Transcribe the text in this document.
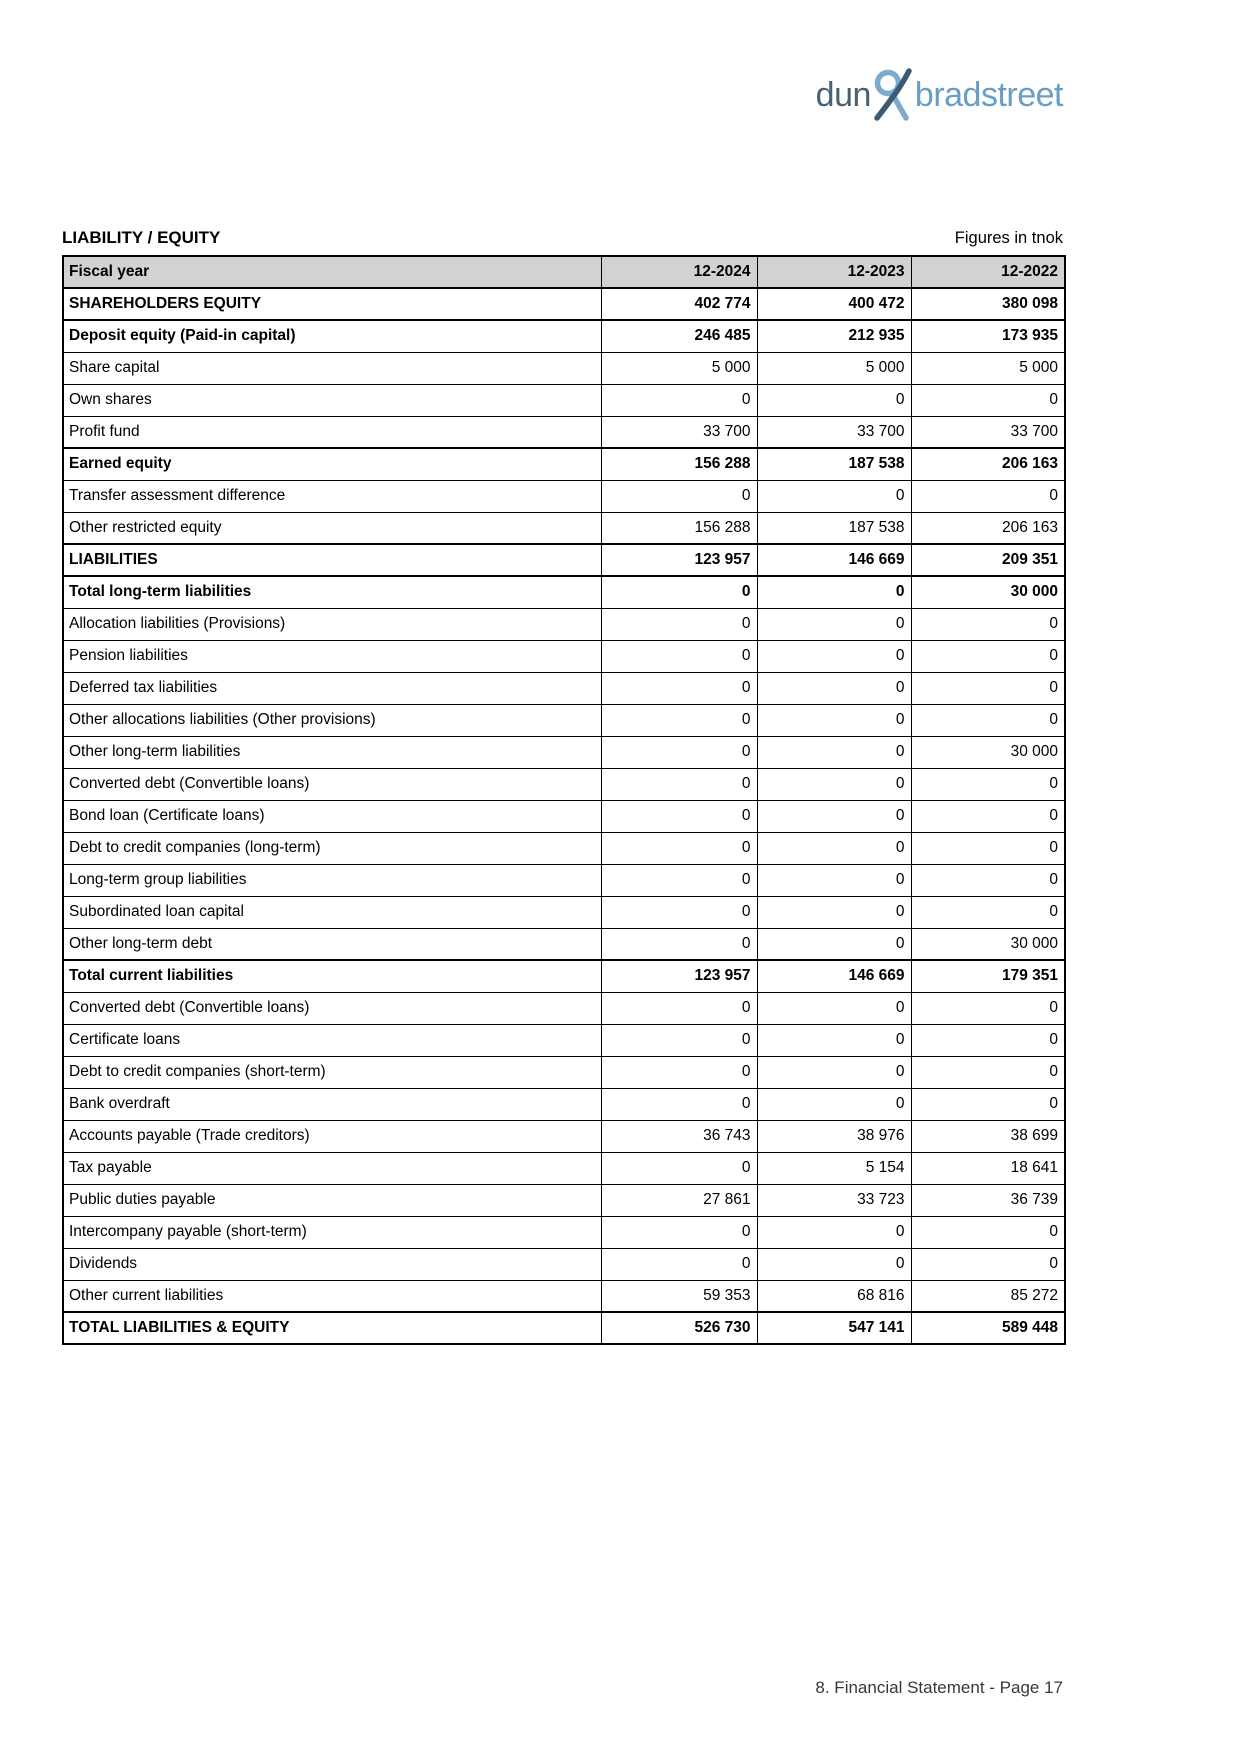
dun bradstreet
LIABILITY / EQUITY	Figures in tnok
Fiscal year	12-2024	12-2023	12-2022
SHAREHOLDERS EQUITY	402 774	400 472	380 098
Deposit equity (Paid-in capital)	246 485	212 935	173 935
Share capital	5 000	5 000	5 000
Own shares	0	0	0
Profit fund	33 700	33 700	33 700
Earned equity	156 288	187 538	206 163
Transfer assessment difference	0	0	0
Other restricted equity	156 288	187 538	206 163
LIABILITIES	123 957	146 669	209 351
Total long-term liabilities	0	0	30 000
Allocation liabilities (Provisions)	0	0	0
Pension liabilities	0	0	0
Deferred tax liabilities	0	0	0
Other allocations liabilities (Other provisions)	0	0	0
Other long-term liabilities	0	0	30 000
Converted debt (Convertible loans)	0	0	0
Bond loan (Certificate loans)	0	0	0
Debt to credit companies (long-term)	0	0	0
Long-term group liabilities	0	0	0
Subordinated loan capital	0	0	0
Other long-term debt	0	0	30 000
Total current liabilities	123 957	146 669	179 351
Converted debt (Convertible loans)	0	0	0
Certificate loans	0	0	0
Debt to credit companies (short-term)	0	0	0
Bank overdraft	0	0	0
Accounts payable (Trade creditors)	36 743	38 976	38 699
Tax payable	0	5 154	18 641
Public duties payable	27 861	33 723	36 739
Intercompany payable (short-term)	0	0	0
Dividends	0	0	0
Other current liabilities	59 353	68 816	85 272
TOTAL LIABILITIES & EQUITY	526 730	547 141	589 448
8. Financial Statement - Page 17
